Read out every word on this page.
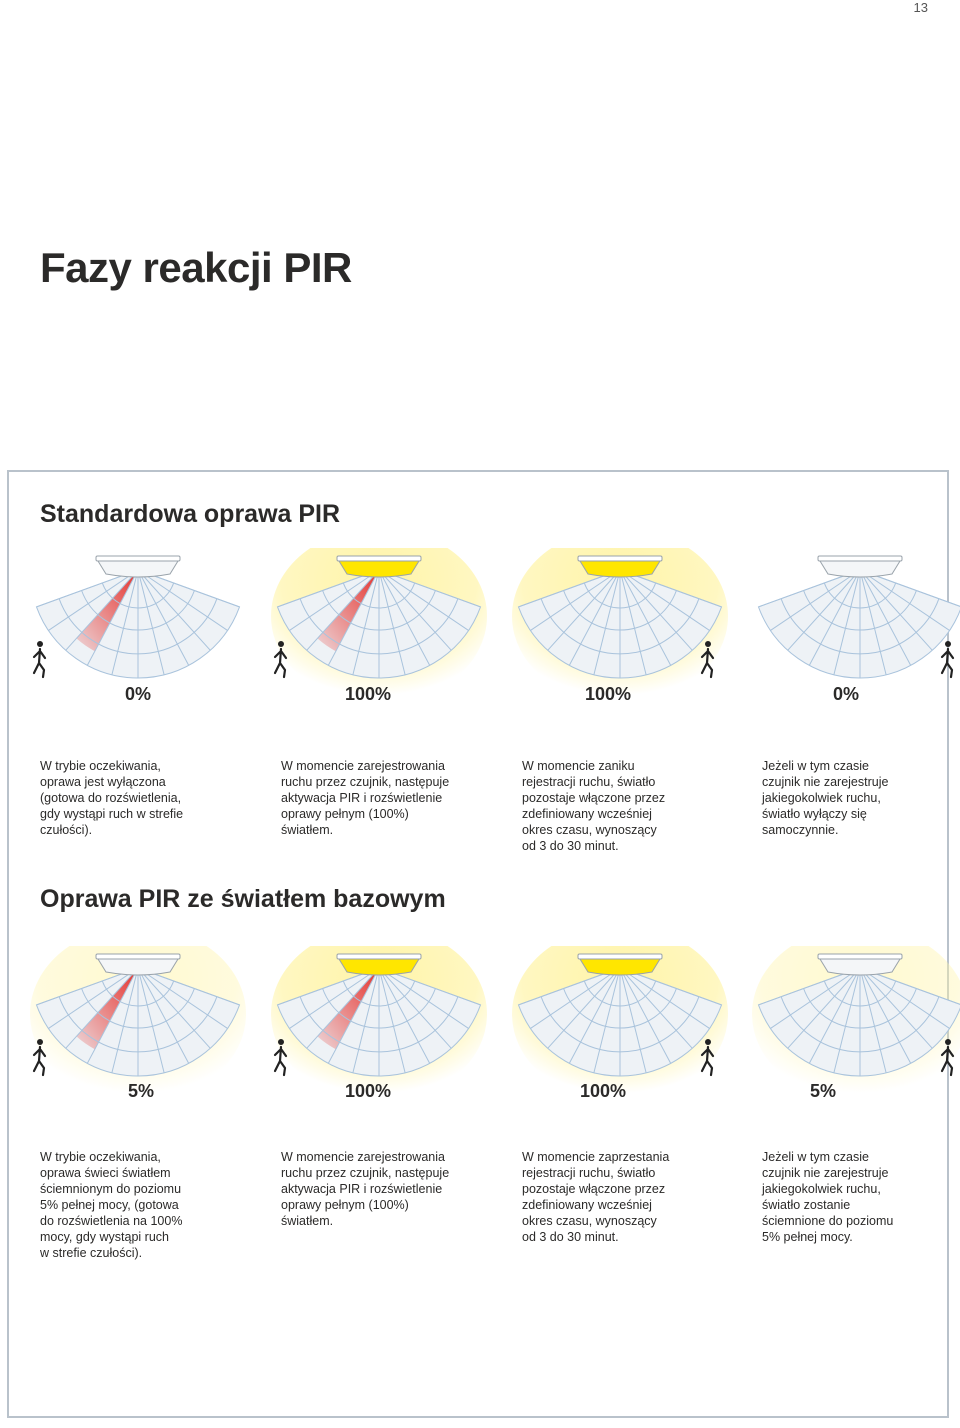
13
Fazy reakcji PIR
Standardowa oprawa PIR
0%

W trybie oczekiwania,
oprawa jest wyłączona
(gotowa do rozświetlenia,
gdy wystąpi ruch w strefie
czułości).

100%

W momencie zarejestrowania
ruchu przez czujnik, następuje
aktywacja PIR i rozświetlenie
oprawy pełnym (100%)
światłem.

100%

W momencie zaniku
rejestracji ruchu, światło
pozostaje włączone przez
zdefiniowany wcześniej
okres czasu, wynoszący
od 3 do 30 minut.

0%

Jeżeli w tym czasie
czujnik nie zarejestruje
jakiegokolwiek ruchu,
światło wyłączy się
samoczynnie.

Oprawa PIR ze światłem bazowym
5%

W trybie oczekiwania,
oprawa świeci światłem
ściemnionym do poziomu
5% pełnej mocy, (gotowa
do rozświetlenia na 100%
mocy, gdy wystąpi ruch
w strefie czułości).

100%

W momencie zarejestrowania
ruchu przez czujnik, następuje
aktywacja PIR i rozświetlenie
oprawy pełnym (100%)
światłem.

100%

W momencie zaprzestania
rejestracji ruchu, światło
pozostaje włączone przez
zdefiniowany wcześniej
okres czasu, wynoszący
od 3 do 30 minut.

5%

Jeżeli w tym czasie
czujnik nie zarejestruje
jakiegokolwiek ruchu,
światło zostanie
ściemnione do poziomu
5% pełnej mocy.
